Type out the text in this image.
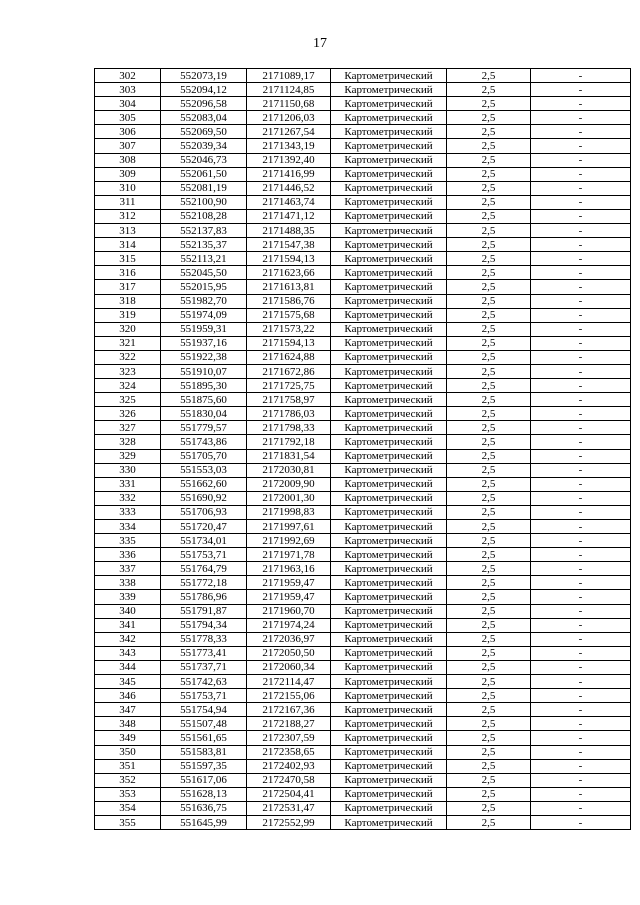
17
302	552073,19	2171089,17	Картометрический	2,5	-
303	552094,12	2171124,85	Картометрический	2,5	-
304	552096,58	2171150,68	Картометрический	2,5	-
305	552083,04	2171206,03	Картометрический	2,5	-
306	552069,50	2171267,54	Картометрический	2,5	-
307	552039,34	2171343,19	Картометрический	2,5	-
308	552046,73	2171392,40	Картометрический	2,5	-
309	552061,50	2171416,99	Картометрический	2,5	-
310	552081,19	2171446,52	Картометрический	2,5	-
311	552100,90	2171463,74	Картометрический	2,5	-
312	552108,28	2171471,12	Картометрический	2,5	-
313	552137,83	2171488,35	Картометрический	2,5	-
314	552135,37	2171547,38	Картометрический	2,5	-
315	552113,21	2171594,13	Картометрический	2,5	-
316	552045,50	2171623,66	Картометрический	2,5	-
317	552015,95	2171613,81	Картометрический	2,5	-
318	551982,70	2171586,76	Картометрический	2,5	-
319	551974,09	2171575,68	Картометрический	2,5	-
320	551959,31	2171573,22	Картометрический	2,5	-
321	551937,16	2171594,13	Картометрический	2,5	-
322	551922,38	2171624,88	Картометрический	2,5	-
323	551910,07	2171672,86	Картометрический	2,5	-
324	551895,30	2171725,75	Картометрический	2,5	-
325	551875,60	2171758,97	Картометрический	2,5	-
326	551830,04	2171786,03	Картометрический	2,5	-
327	551779,57	2171798,33	Картометрический	2,5	-
328	551743,86	2171792,18	Картометрический	2,5	-
329	551705,70	2171831,54	Картометрический	2,5	-
330	551553,03	2172030,81	Картометрический	2,5	-
331	551662,60	2172009,90	Картометрический	2,5	-
332	551690,92	2172001,30	Картометрический	2,5	-
333	551706,93	2171998,83	Картометрический	2,5	-
334	551720,47	2171997,61	Картометрический	2,5	-
335	551734,01	2171992,69	Картометрический	2,5	-
336	551753,71	2171971,78	Картометрический	2,5	-
337	551764,79	2171963,16	Картометрический	2,5	-
338	551772,18	2171959,47	Картометрический	2,5	-
339	551786,96	2171959,47	Картометрический	2,5	-
340	551791,87	2171960,70	Картометрический	2,5	-
341	551794,34	2171974,24	Картометрический	2,5	-
342	551778,33	2172036,97	Картометрический	2,5	-
343	551773,41	2172050,50	Картометрический	2,5	-
344	551737,71	2172060,34	Картометрический	2,5	-
345	551742,63	2172114,47	Картометрический	2,5	-
346	551753,71	2172155,06	Картометрический	2,5	-
347	551754,94	2172167,36	Картометрический	2,5	-
348	551507,48	2172188,27	Картометрический	2,5	-
349	551561,65	2172307,59	Картометрический	2,5	-
350	551583,81	2172358,65	Картометрический	2,5	-
351	551597,35	2172402,93	Картометрический	2,5	-
352	551617,06	2172470,58	Картометрический	2,5	-
353	551628,13	2172504,41	Картометрический	2,5	-
354	551636,75	2172531,47	Картометрический	2,5	-
355	551645,99	2172552,99	Картометрический	2,5	-
